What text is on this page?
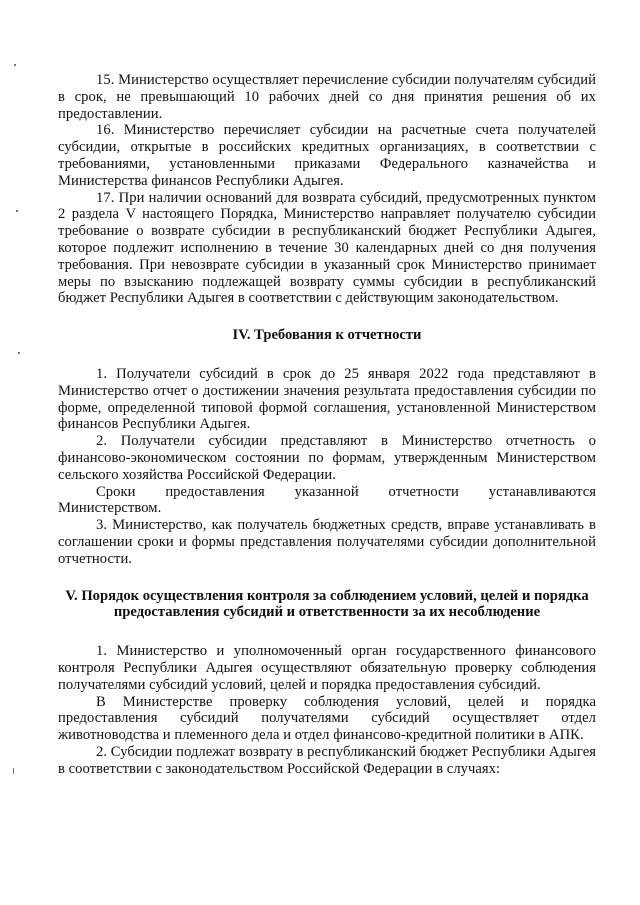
15. Министерство осуществляет перечисление субсидии получателям субсидий в срок, не превышающий 10 рабочих дней со дня принятия решения об их предоставлении.

16. Министерство перечисляет субсидии на расчетные счета получателей субсидии, открытые в российских кредитных организациях, в соответствии с требованиями, установленными приказами Федерального казначейства и Министерства финансов Республики Адыгея.

17. При наличии оснований для возврата субсидий, предусмотренных пунктом 2 раздела V настоящего Порядка, Министерство направляет получателю субсидии требование о возврате субсидии в республиканский бюджет Республики Адыгея, которое подлежит исполнению в течение 30 календарных дней со дня получения требования. При невозврате субсидии в указанный срок Министерство принимает меры по взысканию подлежащей возврату суммы субсидии в республиканский бюджет Республики Адыгея в соответствии с действующим законодательством.

IV. Требования к отчетности

1. Получатели субсидий в срок до 25 января 2022 года представляют в Министерство отчет о достижении значения результата предоставления субсидии по форме, определенной типовой формой соглашения, установленной Министерством финансов Республики Адыгея.

2. Получатели субсидии представляют в Министерство отчетность о финансово-экономическом состоянии по формам, утвержденным Министерством сельского хозяйства Российской Федерации.

Сроки предоставления указанной отчетности устанавливаются Министерством.

3. Министерство, как получатель бюджетных средств, вправе устанавливать в соглашении сроки и формы представления получателями субсидии дополнительной отчетности.

V. Порядок осуществления контроля за соблюдением условий, целей и порядка предоставления субсидий и ответственности за их несоблюдение

1. Министерство и уполномоченный орган государственного финансового контроля Республики Адыгея осуществляют обязательную проверку соблюдения получателями субсидий условий, целей и порядка предоставления субсидий.

В Министерстве проверку соблюдения условий, целей и порядка предоставления субсидий получателями субсидий осуществляет отдел животноводства и племенного дела и отдел финансово-кредитной политики в АПК.

2. Субсидии подлежат возврату в республиканский бюджет Республики Адыгея в соответствии с законодательством Российской Федерации в случаях:
